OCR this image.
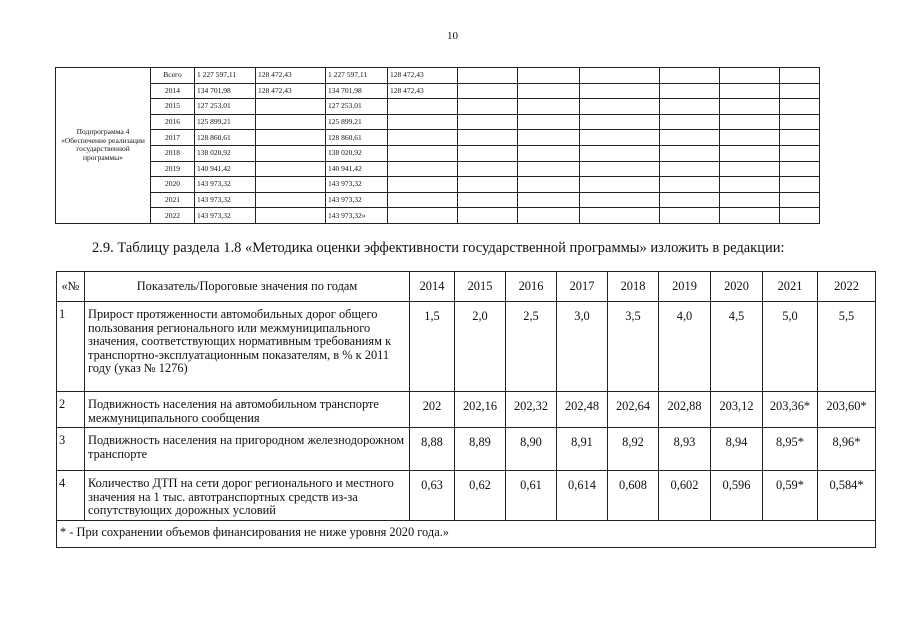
10
Подпрограмма 4 «Обеспечение реализации государственной программы»	Всего	1 227 597,11	128 472,43	1 227 597,11	128 472,43						
	2014	134 701,98	128 472,43	134 701,98	128 472,43						
	2015	127 253,01		127 253,01							
	2016	125 899,21		125 899,21							
	2017	128 860,61		128 860,61							
	2018	138 020,92		138 020,92							
	2019	140 941,42		140 941,42							
	2020	143 973,32		143 973,32							
	2021	143 973,32		143 973,32							
	2022	143 973,32		143 973,32»							
2.9. Таблицу раздела 1.8 «Методика оценки эффективности государственной программы» изложить в редакции:
«№	Показатель/Пороговые значения по годам	2014	2015	2016	2017	2018	2019	2020	2021	2022
1	Прирост протяженности автомобильных дорог общего пользования регионального или межмуниципального значения, соответствующих нормативным требованиям к транспортно-эксплуатационным показателям, в % к 2011 году (указ № 1276)	1,5	2,0	2,5	3,0	3,5	4,0	4,5	5,0	5,5
2	Подвижность населения на автомобильном транспорте межмуниципального сообщения	202	202,16	202,32	202,48	202,64	202,88	203,12	203,36*	203,60*
3	Подвижность населения на пригородном железнодорожном транспорте	8,88	8,89	8,90	8,91	8,92	8,93	8,94	8,95*	8,96*
4	Количество ДТП на сети дорог регионального и местного значения на 1 тыс. автотранспортных средств из-за сопутствующих дорожных условий	0,63	0,62	0,61	0,614	0,608	0,602	0,596	0,59*	0,584*
* - При сохранении объемов финансирования не ниже уровня 2020 года.»										
